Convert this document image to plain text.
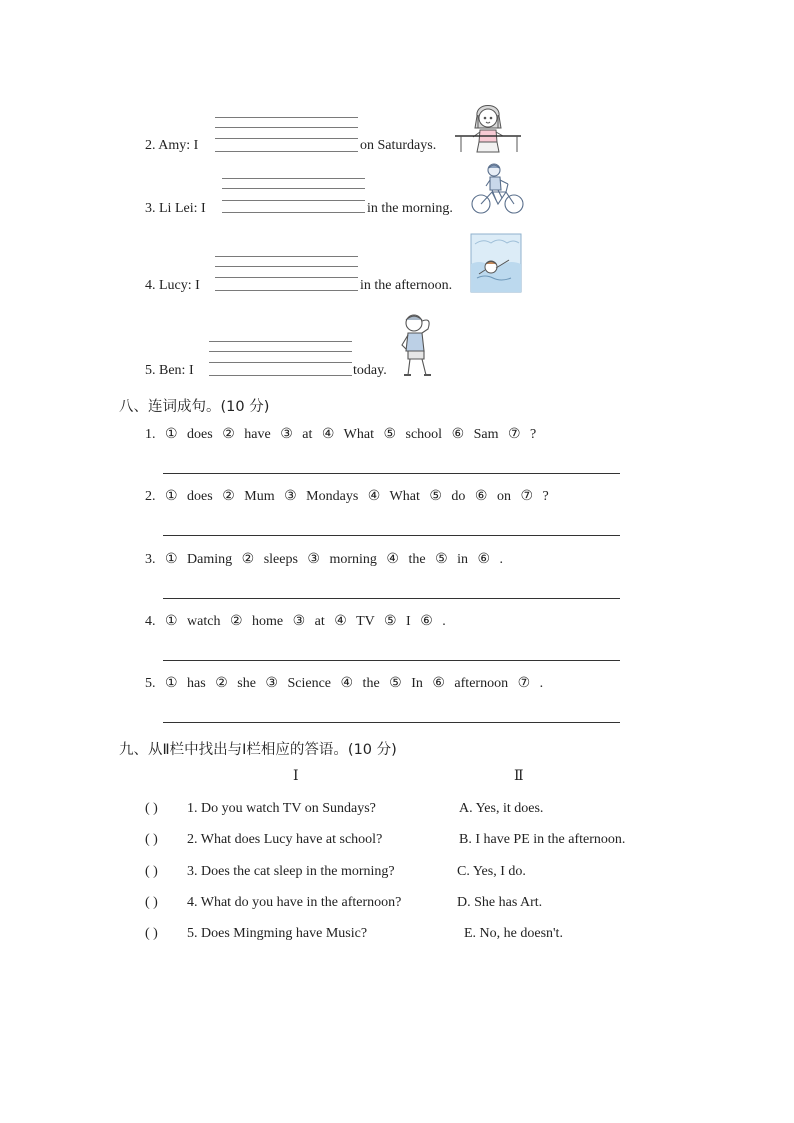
2. Amy: I	on Saturdays.
3. Li Lei: I	in the morning.
4. Lucy: I	in the afternoon.
5. Ben: I	today.
八、连词成句。(10 分)
1. ① does ② have ③ at ④ What ⑤ school ⑥ Sam ⑦ ?
2. ① does ② Mum ③ Mondays ④ What ⑤ do ⑥ on ⑦ ?
3. ① Daming ② sleeps ③ morning ④ the ⑤ in ⑥ .
4. ① watch ② home ③ at ④ TV ⑤ I ⑥ .
5. ① has ② she ③ Science ④ the ⑤ In ⑥ afternoon ⑦ .
九、从Ⅱ栏中找出与Ⅰ栏相应的答语。(10 分)
Ⅰ	Ⅱ
( ) 1. Do you watch TV on Sundays?	A. Yes, it does.
( ) 2. What does Lucy have at school?	B. I have PE in the afternoon.
( ) 3. Does the cat sleep in the morning?	C. Yes, I do.
( ) 4. What do you have in the afternoon?	D. She has Art.
( ) 5. Does Mingming have Music?	E. No, he doesn't.
